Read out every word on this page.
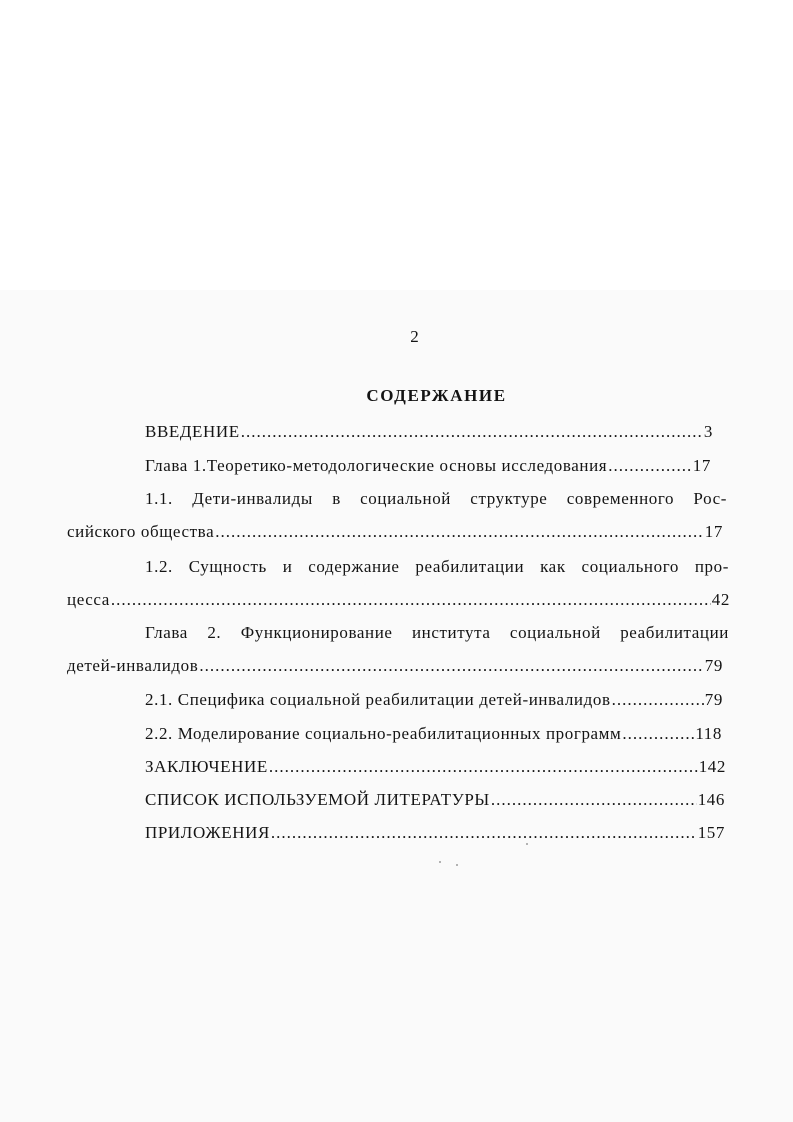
2
СОДЕРЖАНИЕ
ВВЕДЕНИЕ .....	3
Глава 1.Теоретико-методологические основы исследования .....	17
1.1. Дети-инвалиды в социальной структуре современного Рос-
сийского общества .....	17
1.2. Сущность и содержание реабилитации как социального про-
цесса .....	42
Глава 2. Функционирование института социальной реабилитации
детей-инвалидов .....	79
2.1. Специфика социальной реабилитации детей-инвалидов .....	79
2.2. Моделирование социально-реабилитационных программ .....	118
ЗАКЛЮЧЕНИЕ .....	142
СПИСОК ИСПОЛЬЗУЕМОЙ ЛИТЕРАТУРЫ .....	146
ПРИЛОЖЕНИЯ .....	157
